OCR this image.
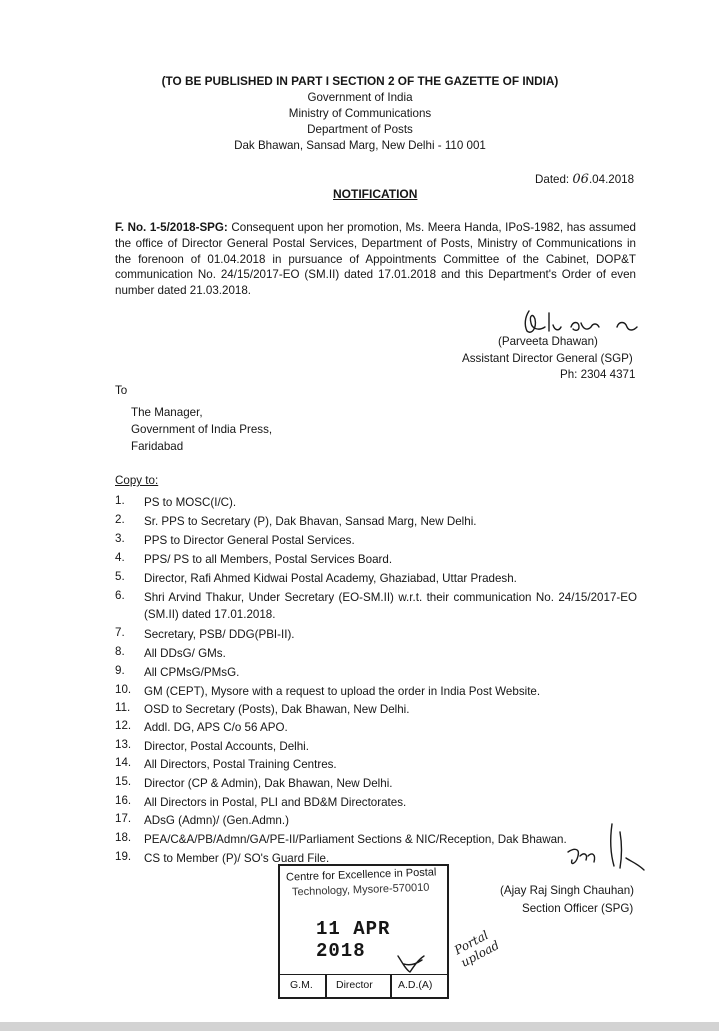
(TO BE PUBLISHED IN PART I SECTION 2 OF THE GAZETTE OF INDIA)
Government of India
Ministry of Communications
Department of Posts
Dak Bhawan, Sansad Marg, New Delhi - 110 001
Dated: 06.04.2018
NOTIFICATION
F. No. 1-5/2018-SPG: Consequent upon her promotion, Ms. Meera Handa, IPoS-1982, has assumed the office of Director General Postal Services, Department of Posts, Ministry of Communications in the forenoon of 01.04.2018 in pursuance of Appointments Committee of the Cabinet, DOP&T communication No. 24/15/2017-EO (SM.II) dated 17.01.2018 and this Department's Order of even number dated 21.03.2018.
(Parveeta Dhawan)
Assistant Director General (SGP)
Ph: 2304 4371
To
The Manager,
Government of India Press,
Faridabad
Copy to:
1.	PS to MOSC(I/C).
2.	Sr. PPS to Secretary (P), Dak Bhavan, Sansad Marg, New Delhi.
3.	PPS to Director General Postal Services.
4.	PPS/ PS to all Members, Postal Services Board.
5.	Director, Rafi Ahmed Kidwai Postal Academy, Ghaziabad, Uttar Pradesh.
6.	Shri Arvind Thakur, Under Secretary (EO-SM.II) w.r.t. their communication No. 24/15/2017-EO (SM.II) dated 17.01.2018.
7.	Secretary, PSB/ DDG(PBI-II).
8.	All DDsG/ GMs.
9.	All CPMsG/PMsG.
10.	GM (CEPT), Mysore with a request to upload the order in India Post Website.
11.	OSD to Secretary (Posts), Dak Bhawan, New Delhi.
12.	Addl. DG, APS C/o 56 APO.
13.	Director, Postal Accounts, Delhi.
14.	All Directors, Postal Training Centres.
15.	Director (CP & Admin), Dak Bhawan, New Delhi.
16.	All Directors in Postal, PLI and BD&M Directorates.
17.	ADsG (Admn)/ (Gen.Admn.)
18.	PEA/C&A/PB/Admn/GA/PE-II/Parliament Sections & NIC/Reception, Dak Bhawan.
19.	CS to Member (P)/ SO's Guard File.
(Ajay Raj Singh Chauhan)
Section Officer (SPG)
Centre for Excellence in Postal
Technology, Mysore-570010
11 APR 2018
G.M. Director A.D.(A)
Portal upload
